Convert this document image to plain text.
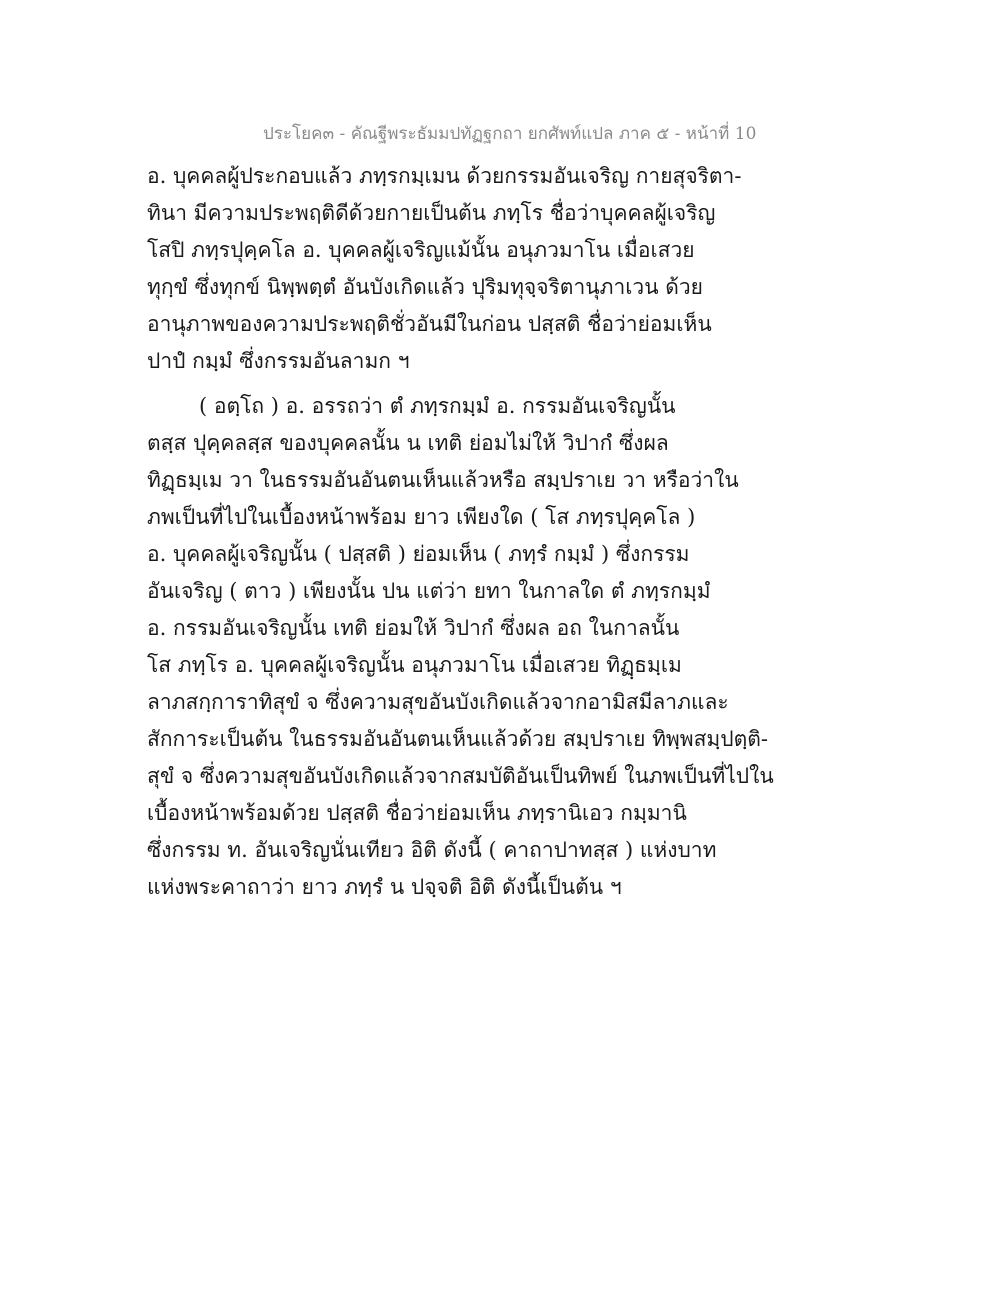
ประโยค๓ - คัณฐีพระธัมมปทัฏฐกถา ยกศัพท์แปล ภาค ๕ - หน้าที่ 10
อ. บุคคลผู้ประกอบแล้ว ภทฺรกมฺเมน ด้วยกรรมอันเจริญ กายสุจริตา-
ทินา มีความประพฤติดีด้วยกายเป็นต้น ภทฺโร ชื่อว่าบุคคลผู้เจริญ
โสปิ ภทฺรปุคฺคโล อ. บุคคลผู้เจริญแม้นั้น อนุภวมาโน เมื่อเสวย
ทุกฺขํ ซึ่งทุกข์ นิพฺพตฺตํ อันบังเกิดแล้ว ปุริมทุจฺจริตานุภาเวน ด้วย
อานุภาพของความประพฤติชั่วอันมีในก่อน ปสฺสติ ชื่อว่าย่อมเห็น
ปาปํ กมฺมํ ซึ่งกรรมอันลามก ฯ
( อตฺโถ ) อ. อรรถว่า ตํ ภทฺรกมฺมํ อ. กรรมอันเจริญนั้น
ตสฺส ปุคฺคลสฺส ของบุคคลนั้น น เทติ ย่อมไม่ให้ วิปากํ ซึ่งผล
ทิฏฺธมฺเม วา ในธรรมอันอันตนเห็นแล้วหรือ สมฺปราเย วา หรือว่าใน
ภพเป็นที่ไปในเบื้องหน้าพร้อม ยาว เพียงใด ( โส ภทฺรปุคฺคโล )
อ. บุคคลผู้เจริญนั้น ( ปสฺสติ ) ย่อมเห็น ( ภทฺรํ กมฺมํ ) ซึ่งกรรม
อันเจริญ ( ตาว ) เพียงนั้น ปน แต่ว่า ยทา ในกาลใด ตํ ภทฺรกมฺมํ
อ. กรรมอันเจริญนั้น เทติ ย่อมให้ วิปากํ ซึ่งผล อถ ในกาลนั้น
โส ภทฺโร อ. บุคคลผู้เจริญนั้น อนุภวมาโน เมื่อเสวย ทิฏฺธมฺเม
ลาภสกฺการาทิสุขํ จ ซึ่งความสุขอันบังเกิดแล้วจากอามิสมีลาภและ
สักการะเป็นต้น ในธรรมอันอันตนเห็นแล้วด้วย สมฺปราเย ทิพฺพสมฺปตฺติ-
สุขํ จ ซึ่งความสุขอันบังเกิดแล้วจากสมบัติอันเป็นทิพย์ ในภพเป็นที่ไปใน
เบื้องหน้าพร้อมด้วย ปสฺสติ ชื่อว่าย่อมเห็น ภทฺรานิเอว กมฺมานิ
ซึ่งกรรม ท. อันเจริญนั่นเทียว อิติ ดังนี้ ( คาถาปาทสฺส ) แห่งบาท
แห่งพระคาถาว่า ยาว ภทฺรํ น ปจฺจติ อิติ ดังนี้เป็นต้น ฯ
